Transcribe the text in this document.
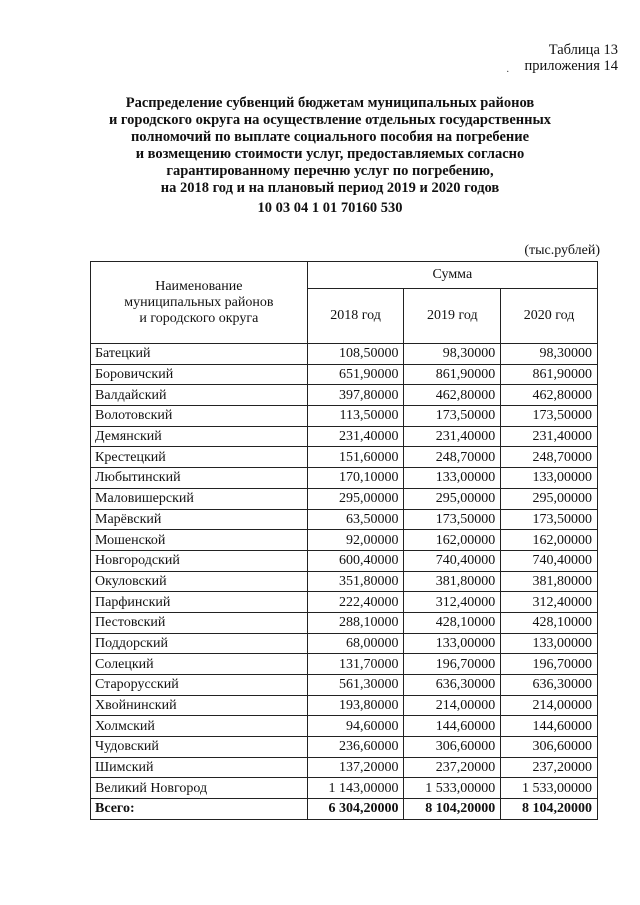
.
Таблица 13
приложения 14
Распределение субвенций бюджетам муниципальных районов
и городского округа на осуществление отдельных государственных
полномочий по выплате социального пособия на погребение
и возмещению стоимости услуг, предоставляемых согласно
гарантированному перечню услуг по погребению,
на 2018 год и на плановый период 2019 и 2020 годов
10 03 04 1 01 70160 530
(тыс.рублей)
Наименование
муниципальных районов
и городского округа	Сумма		
	2018 год	2019 год	2020 год
Батецкий	108,50000	98,30000	98,30000
Боровичский	651,90000	861,90000	861,90000
Валдайский	397,80000	462,80000	462,80000
Волотовский	113,50000	173,50000	173,50000
Демянский	231,40000	231,40000	231,40000
Крестецкий	151,60000	248,70000	248,70000
Любытинский	170,10000	133,00000	133,00000
Маловишерский	295,00000	295,00000	295,00000
Марёвский	63,50000	173,50000	173,50000
Мошенской	92,00000	162,00000	162,00000
Новгородский	600,40000	740,40000	740,40000
Окуловский	351,80000	381,80000	381,80000
Парфинский	222,40000	312,40000	312,40000
Пестовский	288,10000	428,10000	428,10000
Поддорский	68,00000	133,00000	133,00000
Солецкий	131,70000	196,70000	196,70000
Старорусский	561,30000	636,30000	636,30000
Хвойнинский	193,80000	214,00000	214,00000
Холмский	94,60000	144,60000	144,60000
Чудовский	236,60000	306,60000	306,60000
Шимский	137,20000	237,20000	237,20000
Великий Новгород	1 143,00000	1 533,00000	1 533,00000
Всего:	6 304,20000	8 104,20000	8 104,20000
